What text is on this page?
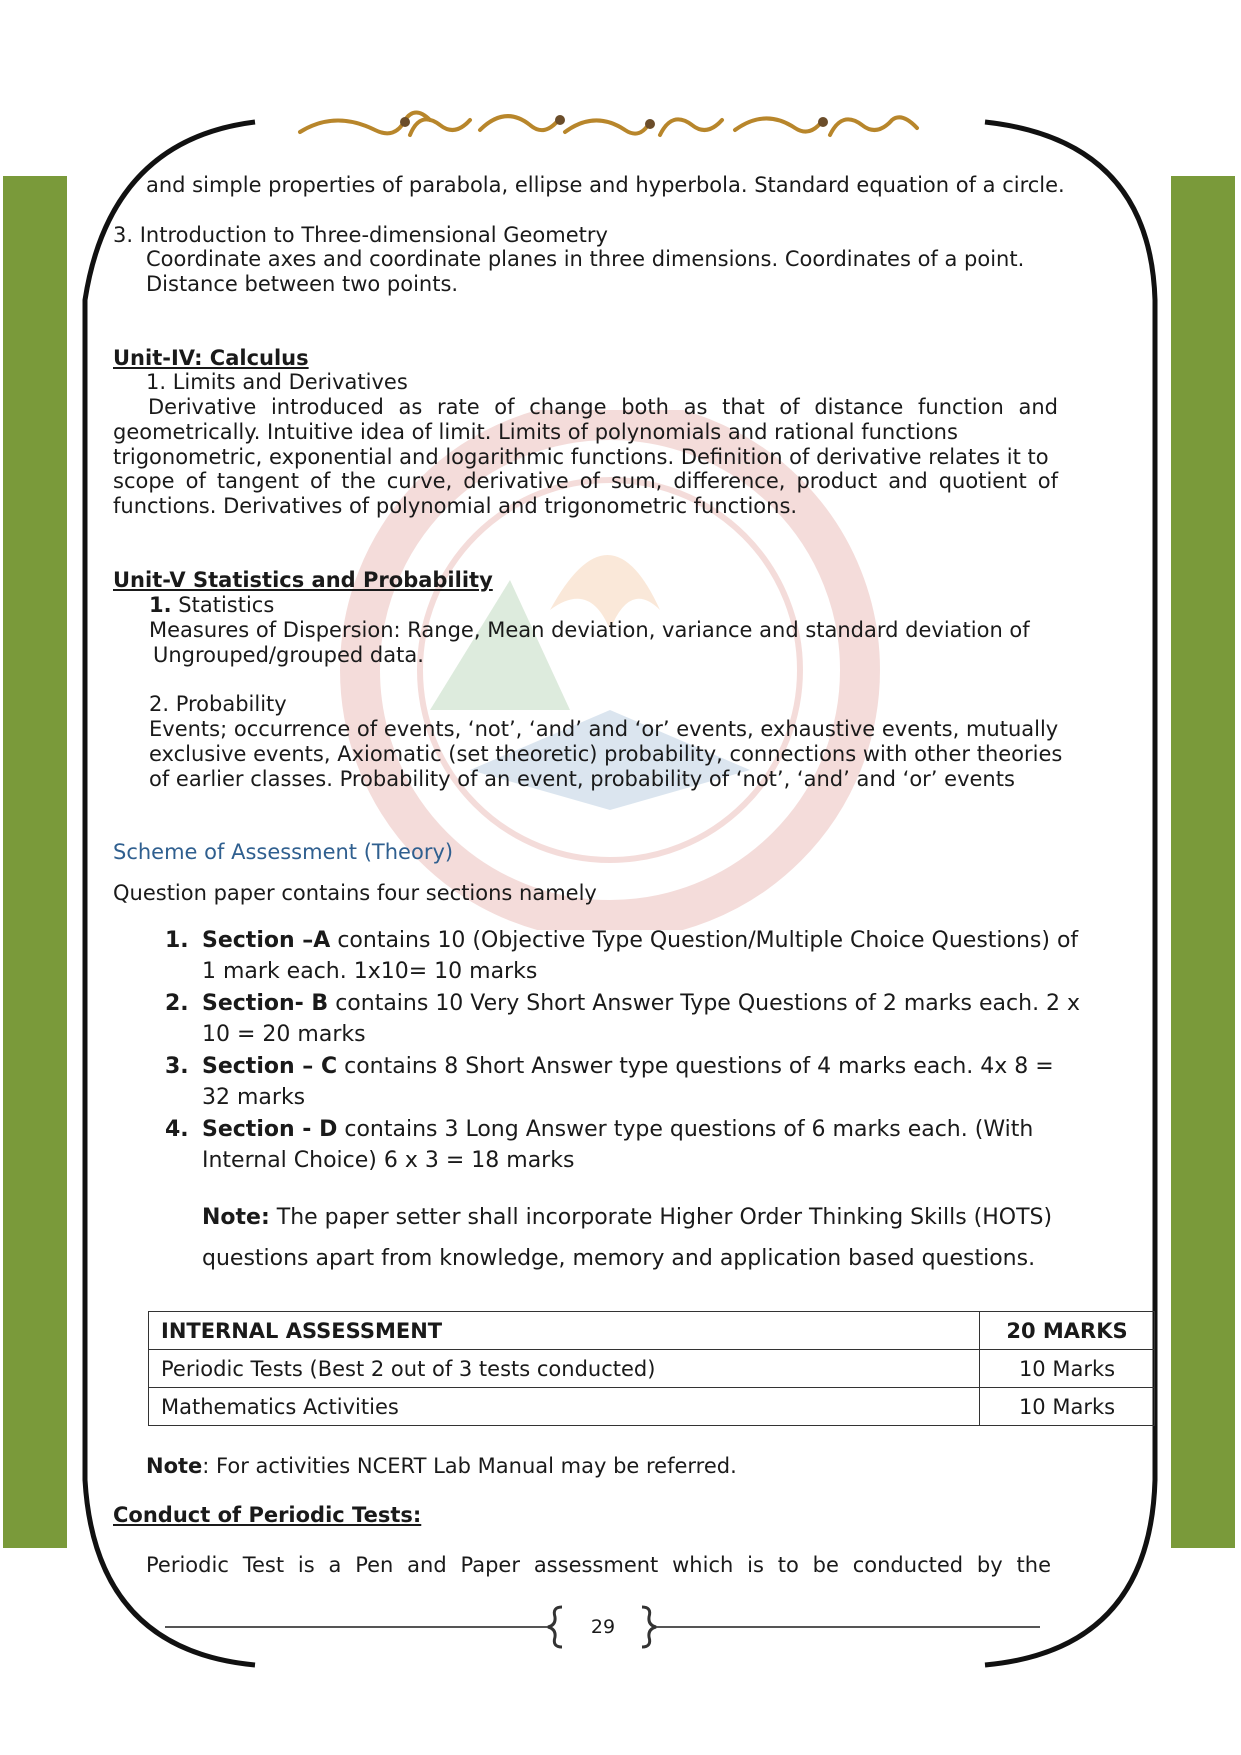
and simple properties of parabola, ellipse and hyperbola. Standard equation of a circle.
3. Introduction to Three-dimensional Geometry
Coordinate axes and coordinate planes in three dimensions. Coordinates of a point.
Distance between two points.
Unit-IV: Calculus
1. Limits and Derivatives
Derivative introduced as rate of change both as that of distance function and
geometrically. Intuitive idea of limit. Limits of polynomials and rational functions
trigonometric, exponential and logarithmic functions. Definition of derivative relates it to
scope of tangent of the curve, derivative of sum, difference, product and quotient of
functions. Derivatives of polynomial and trigonometric functions.
Unit-V Statistics and Probability
1. Statistics
Measures of Dispersion: Range, Mean deviation, variance and standard deviation of
Ungrouped/grouped data.
2. Probability
Events; occurrence of events, ‘not’, ‘and’ and ‘or’ events, exhaustive events, mutually
exclusive events, Axiomatic (set theoretic) probability, connections with other theories
of earlier classes. Probability of an event, probability of ‘not’, ‘and’ and ‘or’ events
Scheme of Assessment (Theory)
Question paper contains four sections namely
1. Section –A contains 10 (Objective Type Question/Multiple Choice Questions) of 1 mark each. 1x10= 10 marks
2. Section- B contains 10 Very Short Answer Type Questions of 2 marks each. 2 x 10 = 20 marks
3. Section – C contains 8 Short Answer type questions of 4 marks each. 4x 8 = 32 marks
4. Section - D contains 3 Long Answer type questions of 6 marks each. (With Internal Choice) 6 x 3 = 18 marks
Note: The paper setter shall incorporate Higher Order Thinking Skills (HOTS)
questions apart from knowledge, memory and application based questions.
INTERNAL ASSESSMENT	20 MARKS
Periodic Tests (Best 2 out of 3 tests conducted)	10 Marks
Mathematics Activities	10 Marks
Note: For activities NCERT Lab Manual may be referred.
Conduct of Periodic Tests:
Periodic Test is a Pen and Paper assessment which is to be conducted by the
29
